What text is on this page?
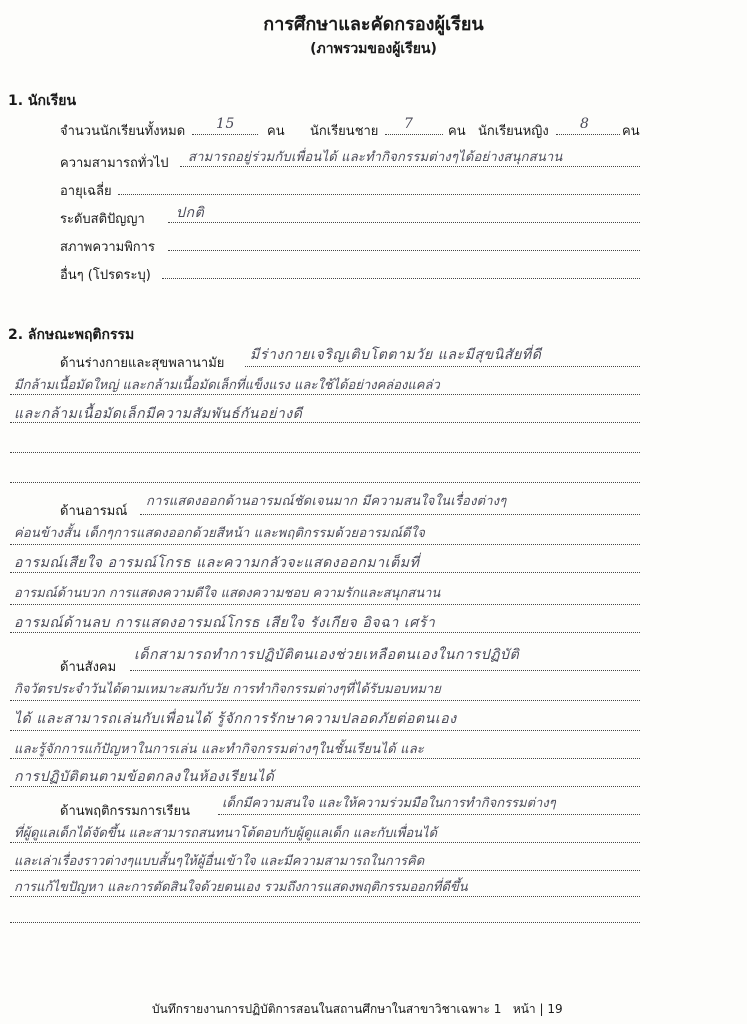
การศึกษาและคัดกรองผู้เรียน
(ภาพรวมของผู้เรียน)
1. นักเรียน
จำนวนนักเรียนทั้งหมด 15 คน นักเรียนชาย 7	คน นักเรียนหญิง 8 คน
ความสามารถทั่วไป สามารถอยู่ร่วมกับเพื่อนได้ และทำกิจกรรมต่างๆได้อย่างสนุกสนาน
อายุเฉลี่ย
ระดับสติปัญญา ปกติ
สภาพความพิการ
อื่นๆ (โปรดระบุ)
2. ลักษณะพฤติกรรม
ด้านร่างกายและสุขพลานามัย
มีร่างกายเจริญเติบโตตามวัย และมีสุขนิสัยที่ดี
มีกล้ามเนื้อมัดใหญ่ และกล้ามเนื้อมัดเล็กที่แข็งแรง และใช้ได้อย่างคล่องแคล่ว
และกล้ามเนื้อมัดเล็กมีความสัมพันธ์กันอย่างดี
ด้านอารมณ์
การแสดงออกด้านอารมณ์ชัดเจนมาก มีความสนใจในเรื่องต่างๆ
ค่อนข้างสั้น เด็กๆการแสดงออกด้วยสีหน้า และพฤติกรรมด้วยอารมณ์ดีใจ
อารมณ์เสียใจ อารมณ์โกรธ และความกลัวจะแสดงออกมาเต็มที่
อารมณ์ด้านบวก การแสดงความดีใจ แสดงความชอบ ความรักและสนุกสนาน
อารมณ์ด้านลบ การแสดงอารมณ์โกรธ เสียใจ รังเกียจ อิจฉา เศร้า
ด้านสังคม
เด็กสามารถทำการปฏิบัติตนเองช่วยเหลือตนเองในการปฏิบัติ
กิจวัตรประจำวันได้ตามเหมาะสมกับวัย การทำกิจกรรมต่างๆที่ได้รับมอบหมาย
ได้ และสามารถเล่นกับเพื่อนได้ รู้จักการรักษาความปลอดภัยต่อตนเอง
และรู้จักการแก้ปัญหาในการเล่น และทำกิจกรรมต่างๆในชั้นเรียนได้ และ
การปฏิบัติตนตามข้อตกลงในห้องเรียนได้
ด้านพฤติกรรมการเรียน
เด็กมีความสนใจ และให้ความร่วมมือในการทำกิจกรรมต่างๆ
ที่ผู้ดูแลเด็กได้จัดขึ้น และสามารถสนทนาโต้ตอบกับผู้ดูแลเด็ก และกับเพื่อนได้
และเล่าเรื่องราวต่างๆแบบสั้นๆให้ผู้อื่นเข้าใจ และมีความสามารถในการคิด
การแก้ไขปัญหา และการตัดสินใจด้วยตนเอง รวมถึงการแสดงพฤติกรรมออกที่ดีขึ้น
บันทึกรายงานการปฏิบัติการสอนในสถานศึกษาในสาขาวิชาเฉพาะ 1 หน้า | 19
